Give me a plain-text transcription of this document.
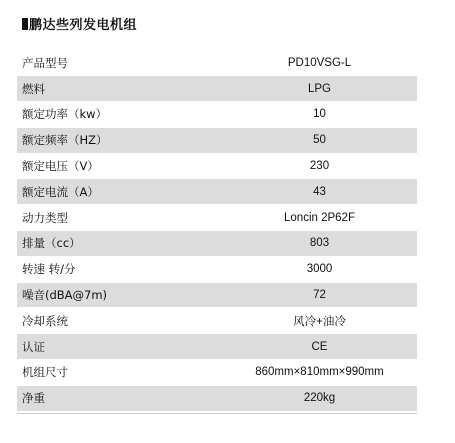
鹏达些列发电机组
产品型号	PD10VSG-L
燃料	LPG
额定功率（kw）	10
额定频率（HZ）	50
额定电压（V）	230
额定电流（A）	43
动力类型	Loncin 2P62F
排量（cc）	803
转速 转/分	3000
噪音(dBA@7m)	72
冷却系统	风冷+油冷
认证	CE
机组尺寸	860mm×810mm×990mm
净重	220kg
